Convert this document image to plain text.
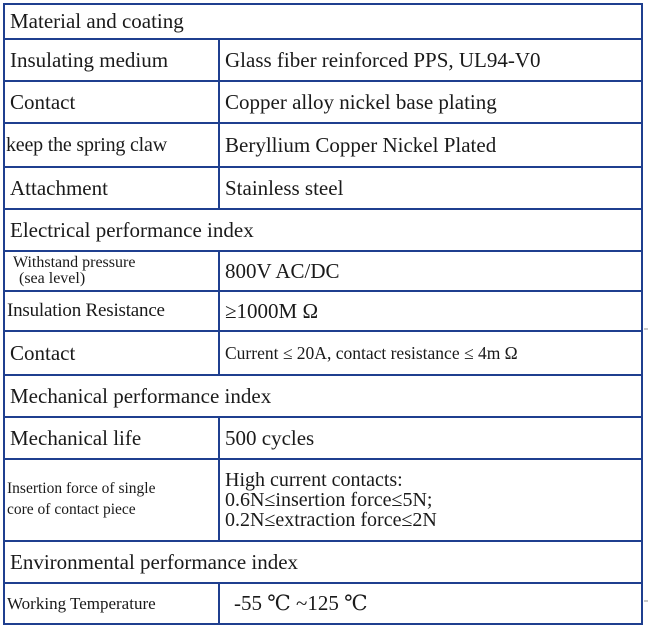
Material and coating	
Insulating medium	Glass fiber reinforced PPS, UL94-V0
Contact	Copper alloy nickel base plating
keep the spring claw	Beryllium Copper Nickel Plated
Attachment	Stainless steel
Electrical performance index	
Withstand pressure
(sea level)	800V AC/DC
Insulation Resistance	≥1000M Ω
Contact	Current ≤ 20A, contact resistance ≤ 4m Ω
Mechanical performance index	
Mechanical life	500 cycles
Insertion force of single
core of contact piece	High current contacts:
0.6N≤insertion force≤5N;
0.2N≤extraction force≤2N

Environmental performance index	
Working Temperature	-55 ℃ ~125 ℃
